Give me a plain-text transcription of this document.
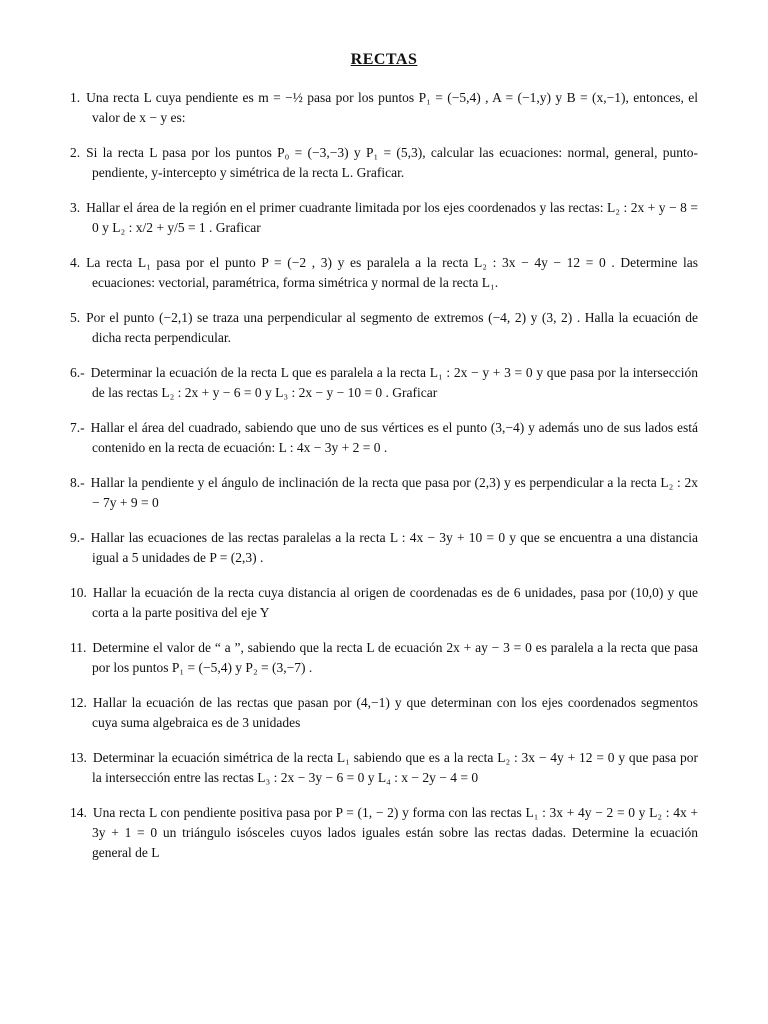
RECTAS
1. Una recta L cuya pendiente es m = −½ pasa por los puntos P₁ = (−5,4) , A = (−1,y) y B = (x,−1), entonces, el valor de x − y es:
2. Si la recta L pasa por los puntos P₀ = (−3,−3) y P₁ = (5,3), calcular las ecuaciones: normal, general, punto-pendiente, y-intercepto y simétrica de la recta L. Graficar.
3. Hallar el área de la región en el primer cuadrante limitada por los ejes coordenados y las rectas: L₂ : 2x + y − 8 = 0 y L₂ : x/2 + y/5 = 1 . Graficar
4. La recta L₁ pasa por el punto P = (−2 , 3) y es paralela a la recta L₂ : 3x − 4y − 12 = 0 . Determine las ecuaciones: vectorial, paramétrica, forma simétrica y normal de la recta L₁.
5. Por el punto (−2,1) se traza una perpendicular al segmento de extremos (−4, 2) y (3, 2) . Halla la ecuación de dicha recta perpendicular.
6.- Determinar la ecuación de la recta L que es paralela a la recta L₁ : 2x − y + 3 = 0 y que pasa por la intersección de las rectas L₂ : 2x + y − 6 = 0 y L₃ : 2x − y − 10 = 0 . Graficar
7.- Hallar el área del cuadrado, sabiendo que uno de sus vértices es el punto (3,−4) y además uno de sus lados está contenido en la recta de ecuación: L : 4x − 3y + 2 = 0 .
8.- Hallar la pendiente y el ángulo de inclinación de la recta que pasa por (2,3) y es perpendicular a la recta L₂ : 2x − 7y + 9 = 0
9.- Hallar las ecuaciones de las rectas paralelas a la recta L : 4x − 3y + 10 = 0 y que se encuentra a una distancia igual a 5 unidades de P = (2,3) .
10. Hallar la ecuación de la recta cuya distancia al origen de coordenadas es de 6 unidades, pasa por (10,0) y que corta a la parte positiva del eje Y
11. Determine el valor de “ a ”, sabiendo que la recta L de ecuación 2x + ay − 3 = 0 es paralela a la recta que pasa por los puntos P₁ = (−5,4) y P₂ = (3,−7) .
12. Hallar la ecuación de las rectas que pasan por (4,−1) y que determinan con los ejes coordenados segmentos cuya suma algebraica es de 3 unidades
13. Determinar la ecuación simétrica de la recta L₁ sabiendo que es a la recta L₂ : 3x − 4y + 12 = 0 y que pasa por la intersección entre las rectas L₃ : 2x − 3y − 6 = 0 y L₄ : x − 2y − 4 = 0
14. Una recta L con pendiente positiva pasa por P = (1, − 2) y forma con las rectas L₁ : 3x + 4y − 2 = 0 y L₂ : 4x + 3y + 1 = 0 un triángulo isósceles cuyos lados iguales están sobre las rectas dadas. Determine la ecuación general de L
